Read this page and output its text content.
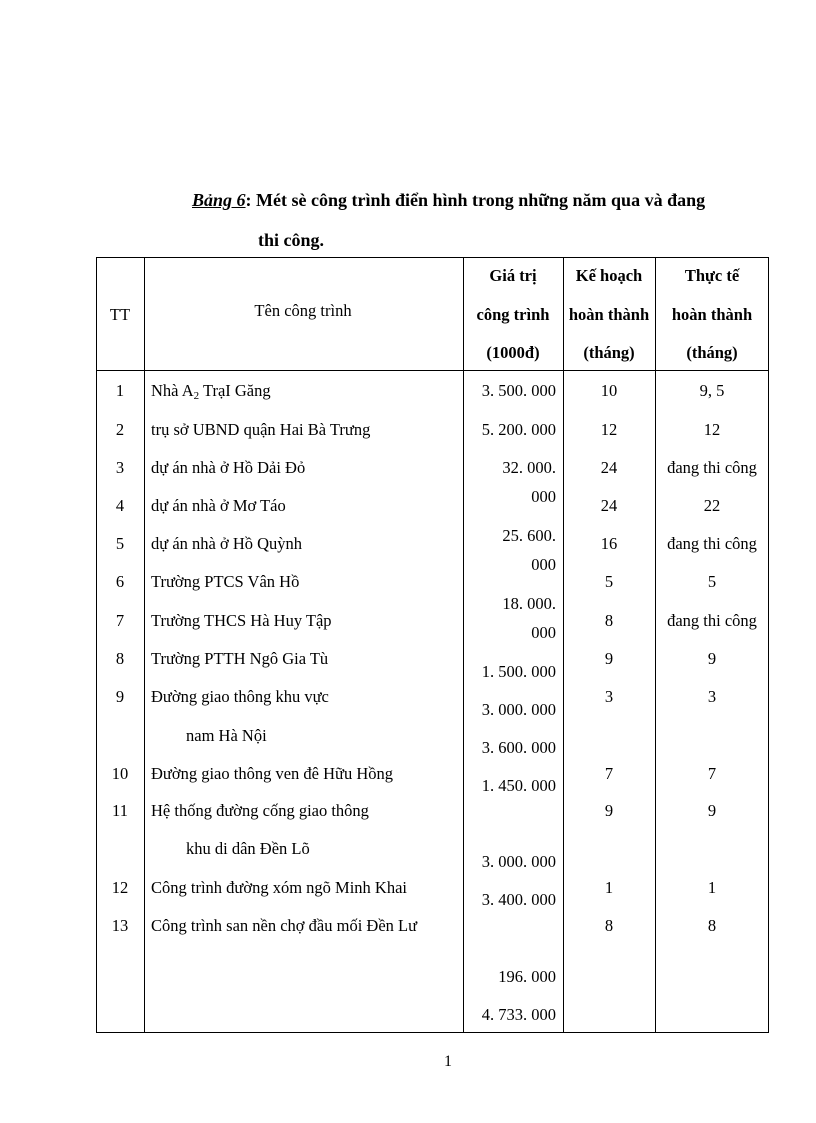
Bảng 6: Mét sè công trình điển hình trong những năm qua và đang
thi công.
TT	Tên công trình
Giá trị
công trình
(1000đ)
Kế hoạch
hoàn thành
(tháng)
Thực tế
hoàn thành
(tháng)
1
2
3
4
5
6
7
8
9
10
11
12
13
Nhà $A_2$ TrạI Găng
trụ sở UBND quận Hai Bà Trưng
dự án nhà ở Hồ Dải Đỏ
dự án nhà ở Mơ Táo
dự án nhà ở Hồ Quỳnh
Trường PTCS Vân Hồ
Trường THCS Hà Huy Tập
Trường PTTH Ngô Gia Tù
Đường giao thông khu vực
nam Hà Nội
Đường giao thông ven đê Hữu Hồng
Hệ thống đường cống giao thông
khu di dân Đền Lõ
Công trình đường xóm ngõ Minh Khai
Công trình san nền chợ đầu mối Đền Lư
3. 500. 000
5. 200. 000
32. 000.
000
25. 600.
000
18. 000.
000
1. 500. 000
3. 000. 000
3. 600. 000
1. 450. 000
3. 000. 000
3. 400. 000
196. 000
4. 733. 000
10
12
24
24
16
5
8
9
3
7
9
1
8
9, 5
12
đang thi công
22
đang thi công
5
đang thi công
9
3
7
9
1
8
1
